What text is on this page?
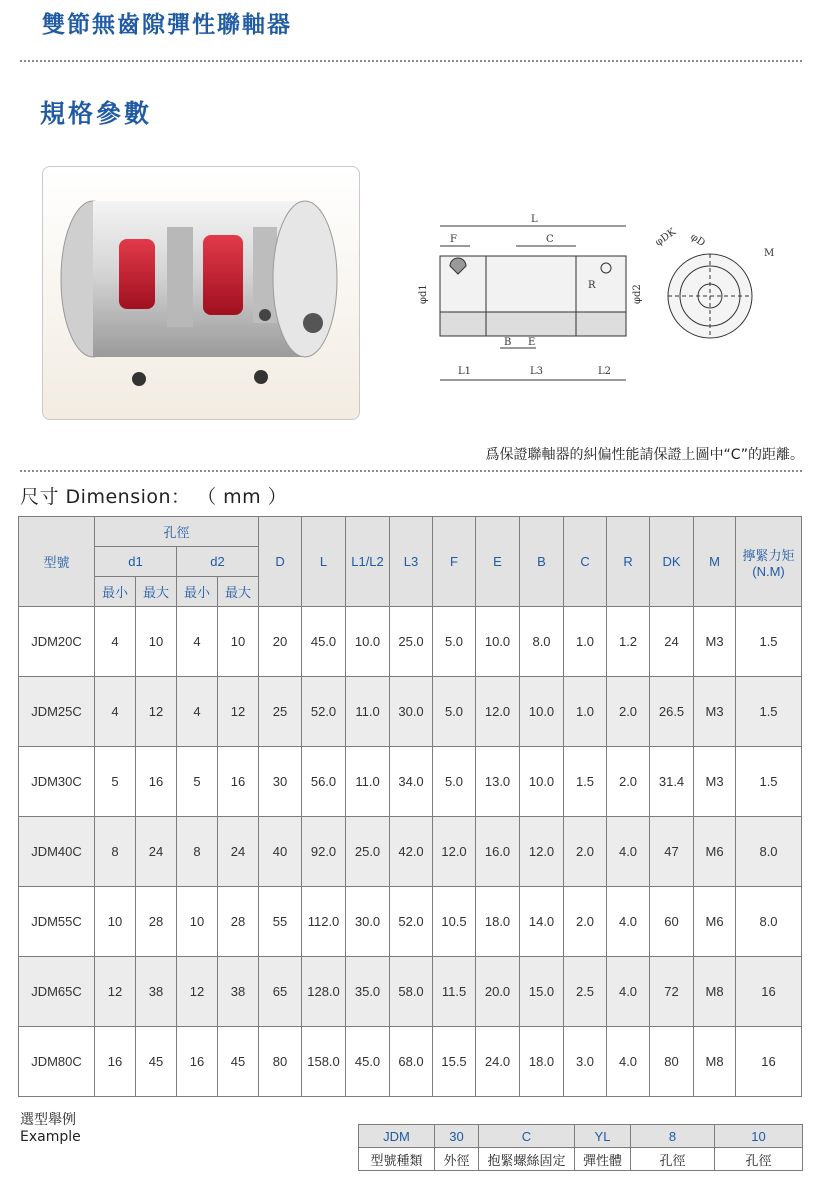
雙節無齒隙彈性聯軸器
規格參數
L
F	C
R
φd1	φd2
B E
L1	L3	L2
φDK φD
M
爲保證聯軸器的糾偏性能請保證上圖中“C”的距離。
尺寸 Dimension： （ mm ）
型號	孔徑				D	L	L1/L2	L3	F	E	B	C	R	DK	M	擰緊力矩
(N.M)

	d1		d2													
	最小	最大	最小	最大												
JDM20C	4	10	4	10	20	45.0	10.0	25.0	5.0	10.0	8.0	1.0	1.2	24	M3	1.5
JDM25C	4	12	4	12	25	52.0	11.0	30.0	5.0	12.0	10.0	1.0	2.0	26.5	M3	1.5
JDM30C	5	16	5	16	30	56.0	11.0	34.0	5.0	13.0	10.0	1.5	2.0	31.4	M3	1.5
JDM40C	8	24	8	24	40	92.0	25.0	42.0	12.0	16.0	12.0	2.0	4.0	47	M6	8.0
JDM55C	10	28	10	28	55	112.0	30.0	52.0	10.5	18.0	14.0	2.0	4.0	60	M6	8.0
JDM65C	12	38	12	38	65	128.0	35.0	58.0	11.5	20.0	15.0	2.5	4.0	72	M8	16
JDM80C	16	45	16	45	80	158.0	45.0	68.0	15.5	24.0	18.0	3.0	4.0	80	M8	16
選型舉例
Example	JDM	30	C	YL	8	10
型號種類	外徑	抱緊螺絲固定	彈性體	孔徑	孔徑
